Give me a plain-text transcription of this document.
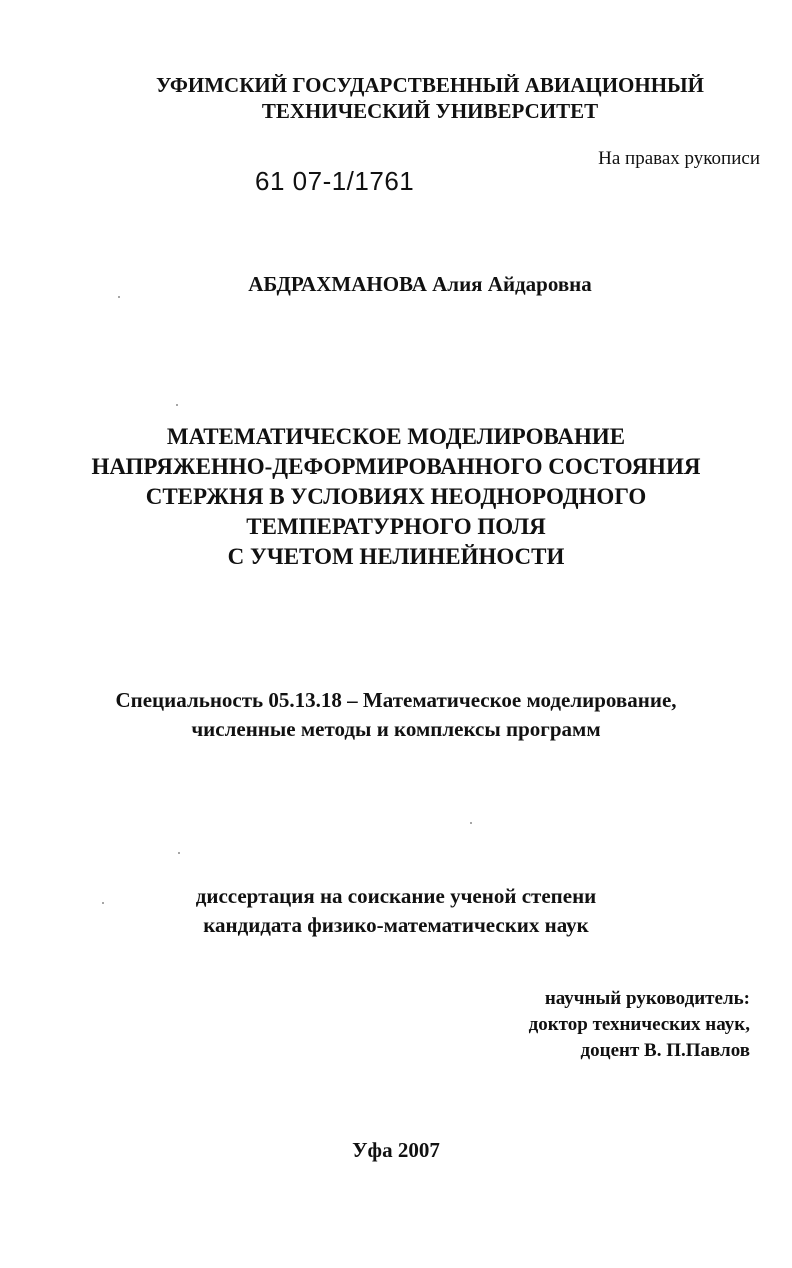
УФИМСКИЙ ГОСУДАРСТВЕННЫЙ АВИАЦИОННЫЙ
ТЕХНИЧЕСКИЙ УНИВЕРСИТЕТ
На правах рукописи
61 07-1/1761
АБДРАХМАНОВА Алия Айдаровна
МАТЕМАТИЧЕСКОЕ МОДЕЛИРОВАНИЕ
НАПРЯЖЕННО-ДЕФОРМИРОВАННОГО СОСТОЯНИЯ
СТЕРЖНЯ В УСЛОВИЯХ НЕОДНОРОДНОГО
ТЕМПЕРАТУРНОГО ПОЛЯ
С УЧЕТОМ НЕЛИНЕЙНОСТИ
Специальность 05.13.18 – Математическое моделирование,
численные методы и комплексы программ
диссертация на соискание ученой степени
кандидата физико-математических наук
научный руководитель:
доктор технических наук,
доцент В. П.Павлов
Уфа 2007
